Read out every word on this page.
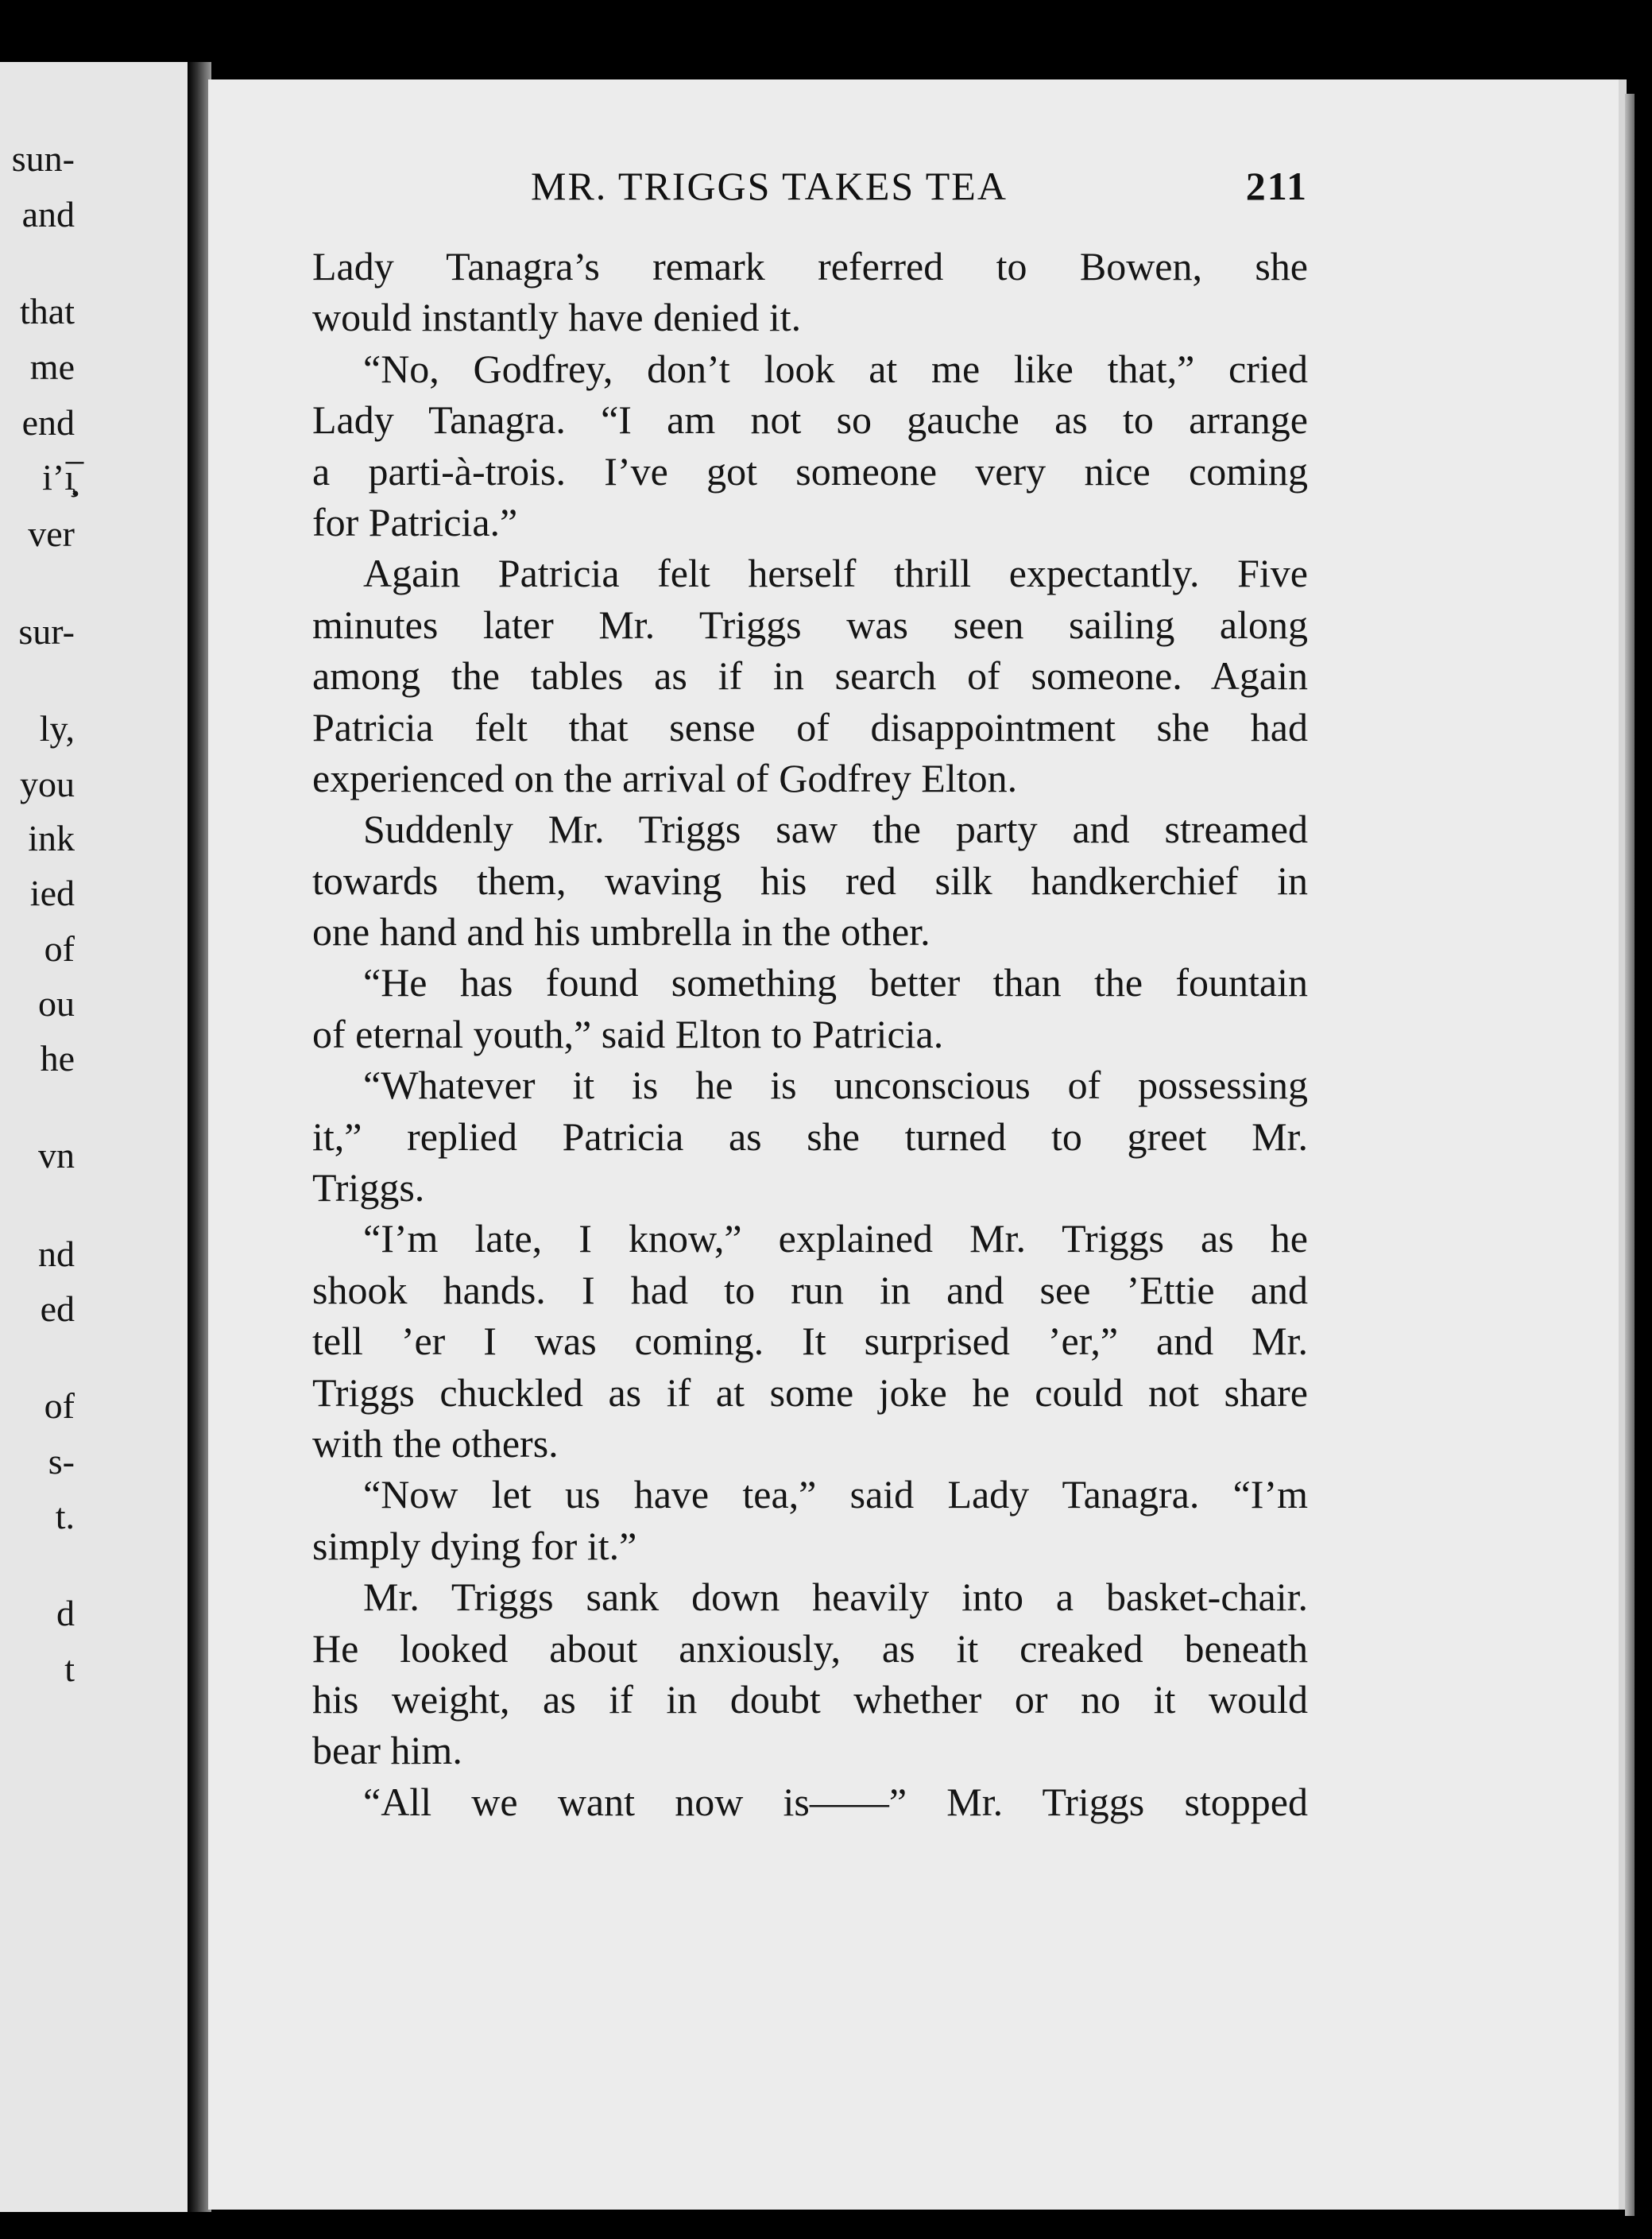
sun-
and
that
me
end
i’ı̧̣̅
ver
sur-
ly,
you
ink
ied
of
ou
he
vn
nd
ed
of
s-
t.
d
t
MR. TRIGGS TAKES TEA	211
Lady Tanagra’s remark referred to Bowen, she
would instantly have denied it.
“No, Godfrey, don’t look at me like that,” cried
Lady Tanagra. “I am not so gauche as to arrange
a parti-à-trois. I’ve got someone very nice coming
for Patricia.”
Again Patricia felt herself thrill expectantly. Five
minutes later Mr. Triggs was seen sailing along
among the tables as if in search of someone. Again
Patricia felt that sense of disappointment she had
experienced on the arrival of Godfrey Elton.
Suddenly Mr. Triggs saw the party and streamed
towards them, waving his red silk handkerchief in
one hand and his umbrella in the other.
“He has found something better than the fountain
of eternal youth,” said Elton to Patricia.
“Whatever it is he is unconscious of possessing
it,” replied Patricia as she turned to greet Mr.
Triggs.
“I’m late, I know,” explained Mr. Triggs as he
shook hands. I had to run in and see ’Ettie and
tell ’er I was coming. It surprised ’er,” and Mr.
Triggs chuckled as if at some joke he could not share
with the others.
“Now let us have tea,” said Lady Tanagra. “I’m
simply dying for it.”
Mr. Triggs sank down heavily into a basket-chair.
He looked about anxiously, as it creaked beneath
his weight, as if in doubt whether or no it would
bear him.
“All we want now is——” Mr. Triggs stopped
